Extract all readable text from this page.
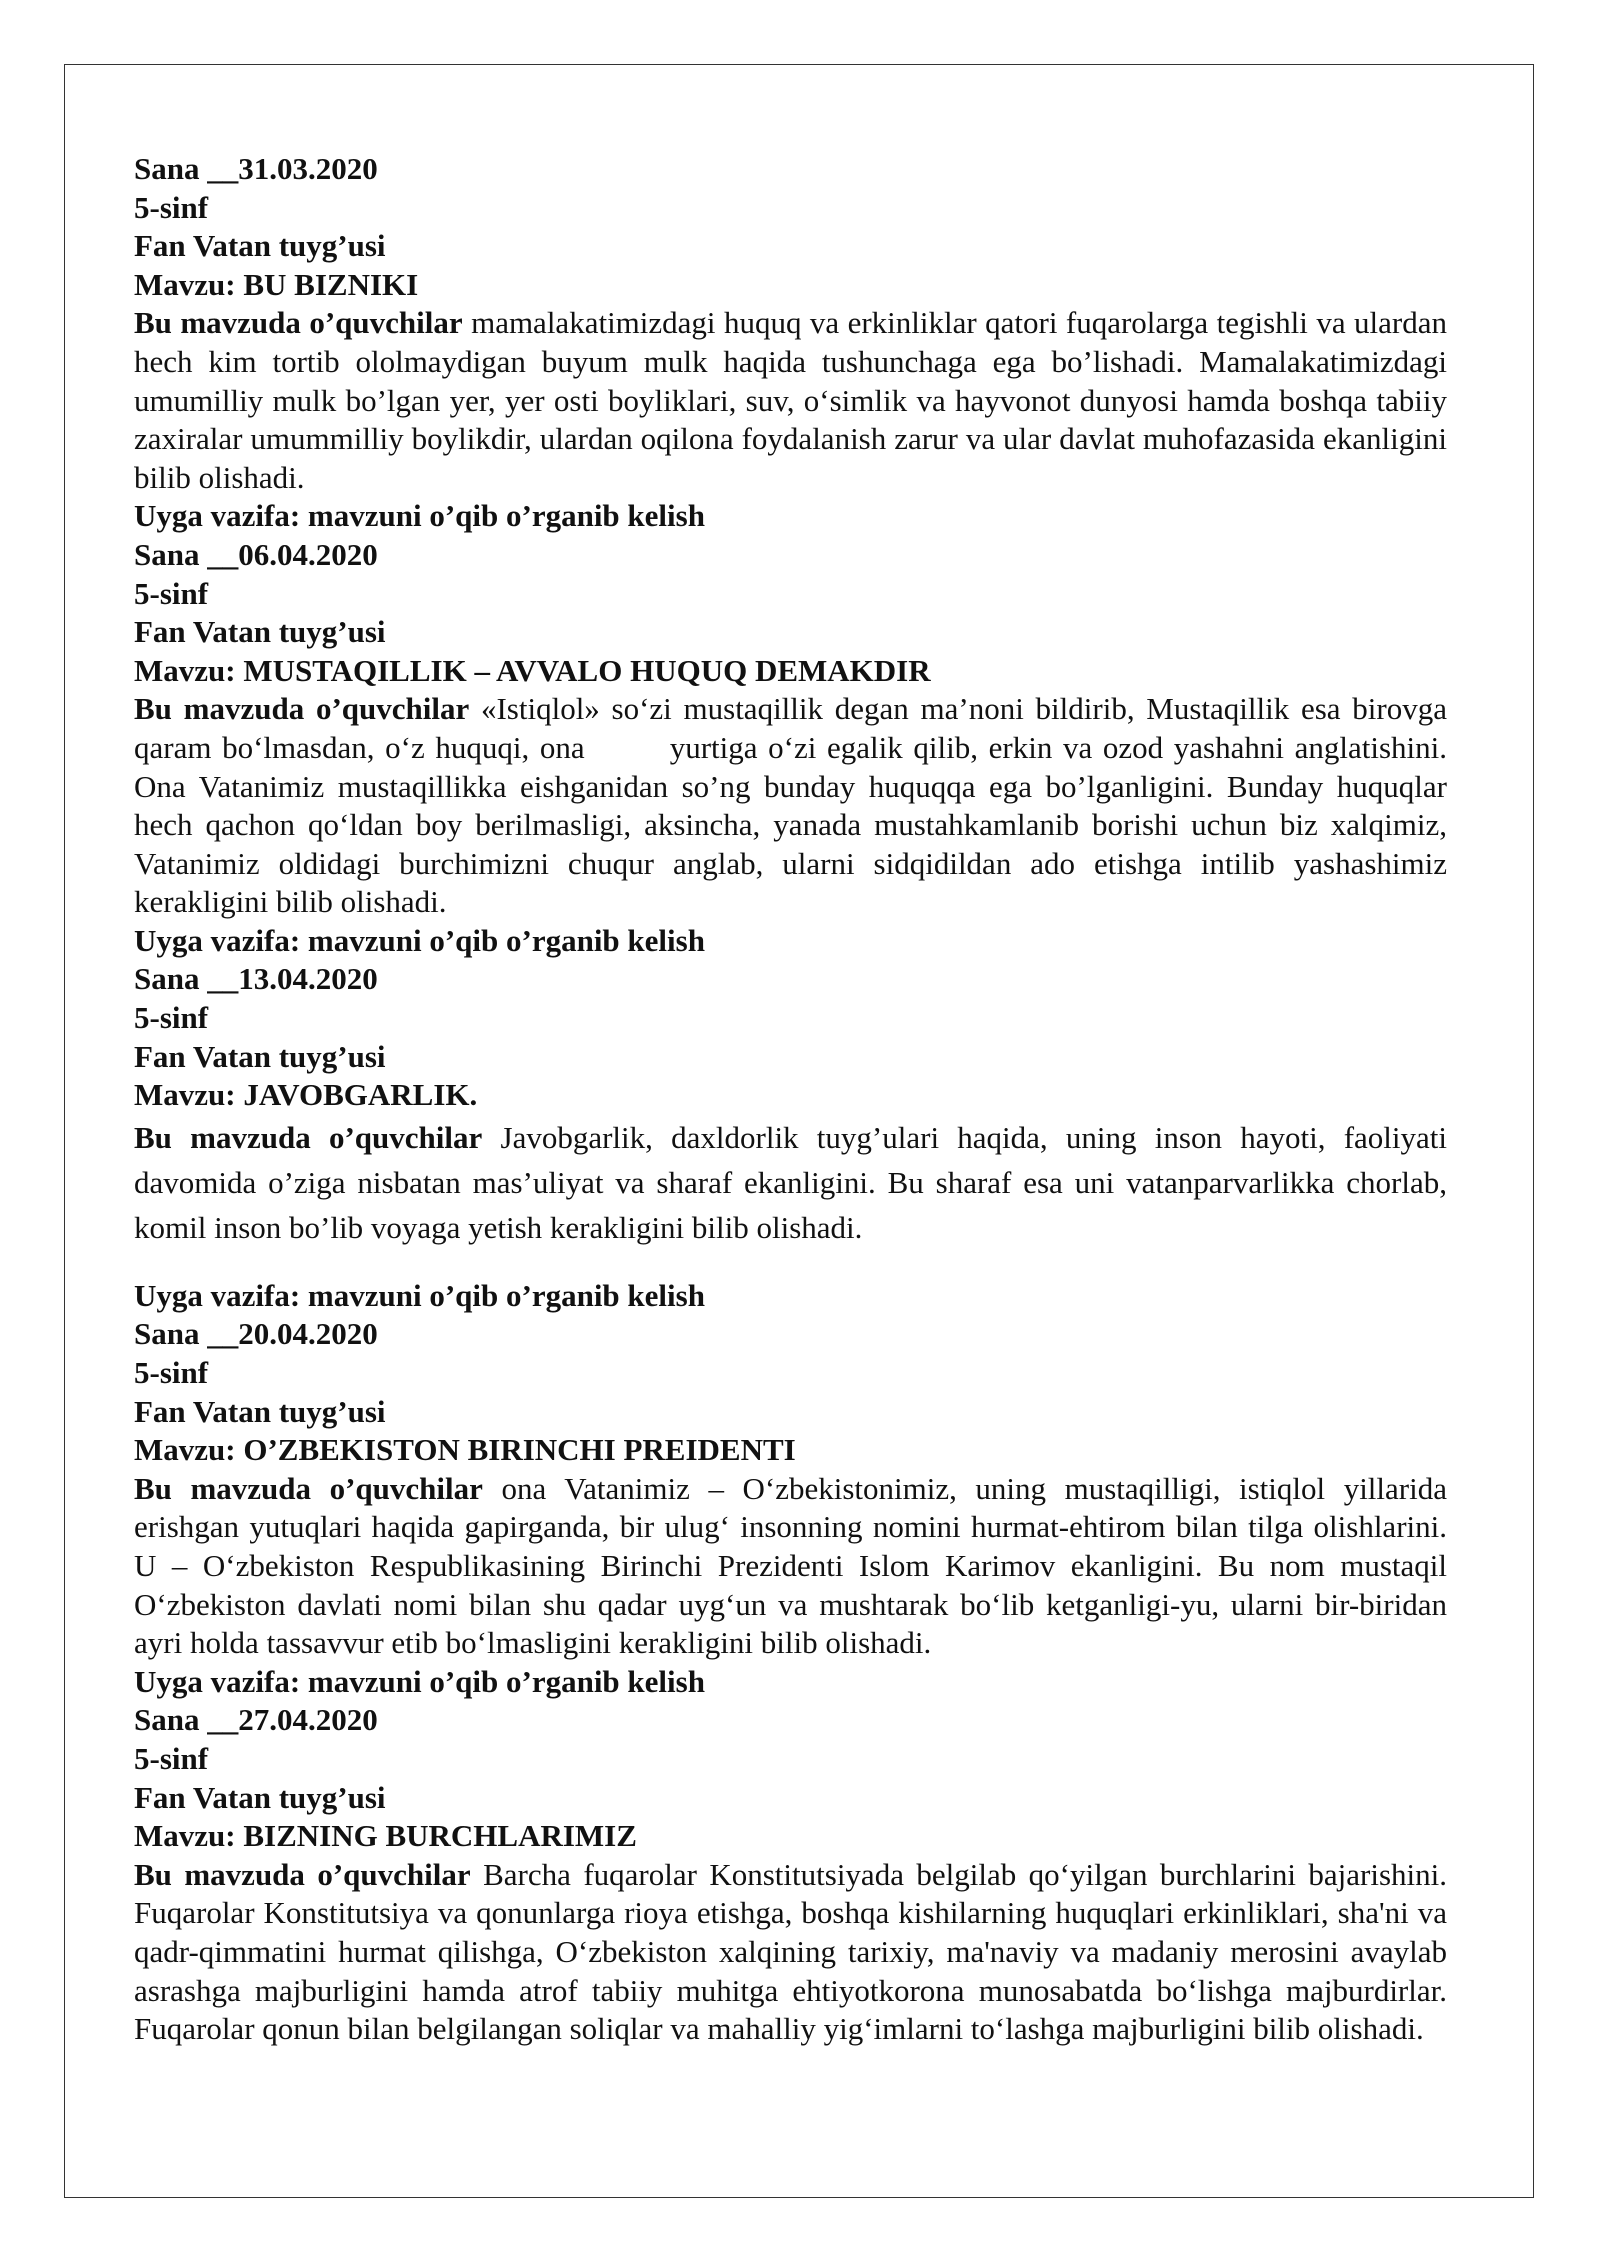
Sana __31.03.2020

5-sinf

Fan Vatan tuyg’usi

Mavzu: BU BIZNIKI

Bu mavzuda o’quvchilar mamalakatimizdagi huquq va erkinliklar qatori fuqarolarga tegishli va ulardan hech kim tortib ololmaydigan buyum mulk haqida tushunchaga ega bo’lishadi. Mamalakatimizdagi umumilliy mulk bo’lgan yer, yer osti boyliklari, suv, o‘simlik va hayvonot dunyosi hamda boshqa tabiiy zaxiralar umummilliy boylikdir, ulardan oqilona foydalanish zarur va ular davlat muhofazasida ekanligini bilib olishadi.

Uyga vazifa: mavzuni o’qib o’rganib kelish

Sana __06.04.2020

5-sinf

Fan Vatan tuyg’usi

Mavzu: MUSTAQILLIK – AVVALO HUQUQ DEMAKDIR

Bu mavzuda o’quvchilar «Istiqlol» so‘zi mustaqillik degan ma’noni bildirib, Mustaqillik esa birovga qaram bo‘lmasdan, o‘z huquqi, ona        yurtiga o‘zi egalik qilib, erkin va ozod yashahni anglatishini. Ona Vatanimiz mustaqillikka eishganidan so’ng bunday huquqqa ega bo’lganligini. Bunday huquqlar hech qachon qo‘ldan boy berilmasligi, aksincha, yanada mustahkamlanib borishi uchun biz xalqimiz, Vatanimiz oldidagi burchimizni chuqur anglab, ularni sidqidildan ado etishga intilib yashashimiz kerakligini bilib olishadi.

Uyga vazifa: mavzuni o’qib o’rganib kelish

Sana __13.04.2020

5-sinf

Fan Vatan tuyg’usi

Mavzu: JAVOBGARLIK.

Bu mavzuda o’quvchilar Javobgarlik, daxldorlik tuyg’ulari haqida, uning inson hayoti, faoliyati davomida o’ziga nisbatan mas’uliyat va sharaf ekanligini. Bu sharaf esa uni vatanparvarlikka chorlab, komil inson bo’lib voyaga yetish kerakligini bilib olishadi.

Uyga vazifa: mavzuni o’qib o’rganib kelish

Sana __20.04.2020

5-sinf

Fan Vatan tuyg’usi

Mavzu: O’ZBEKISTON BIRINCHI PREIDENTI

Bu mavzuda o’quvchilar ona Vatanimiz – O‘zbekistonimiz, uning mustaqilligi, istiqlol yillarida erishgan yutuqlari haqida gapirganda, bir ulug‘ insonning nomini hurmat-ehtirom bilan tilga olishlarini. U – O‘zbekiston Respublikasining Birinchi Prezidenti Islom Karimov ekanligini. Bu nom mustaqil O‘zbekiston davlati nomi bilan shu qadar uyg‘un va mushtarak bo‘lib ketganligi-yu, ularni bir-biridan ayri holda tassavvur etib bo‘lmasligini kerakligini bilib olishadi.

Uyga vazifa: mavzuni o’qib o’rganib kelish

Sana __27.04.2020

5-sinf

Fan Vatan tuyg’usi

Mavzu: BIZNING BURCHLARIMIZ

Bu mavzuda o’quvchilar Barcha fuqarolar Konstitutsiyada belgilab qo‘yilgan burchlarini bajarishini. Fuqarolar Konstitutsiya va qonunlarga rioya etishga, boshqa kishilarning huquqlari erkinliklari, sha'ni va qadr-qimmatini hurmat qilishga, O‘zbekiston xalqining tarixiy, ma'naviy va madaniy merosini avaylab asrashga majburligini hamda atrof tabiiy muhitga ehtiyotkorona munosabatda bo‘lishga majburdirlar. Fuqarolar qonun bilan belgilangan soliqlar va mahalliy yig‘imlarni to‘lashga majburligini bilib olishadi.
